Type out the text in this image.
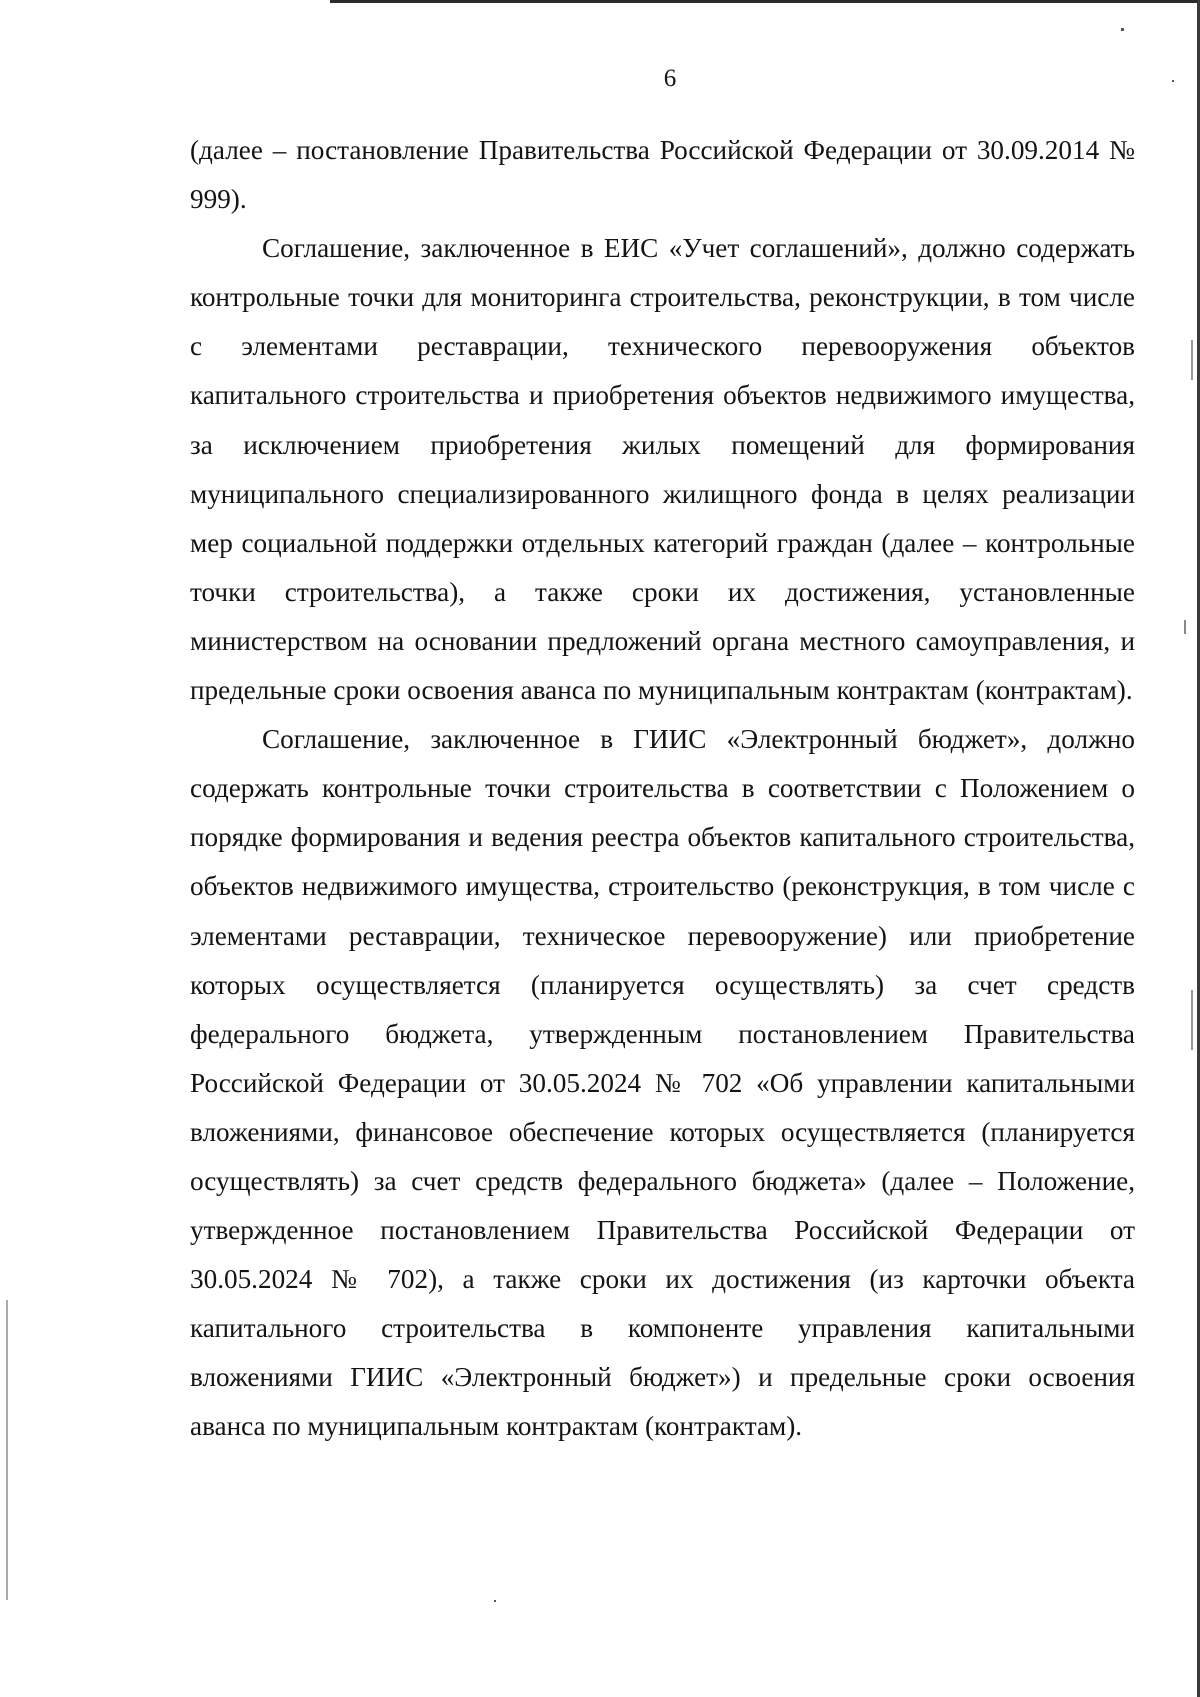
6

(далее – постановление Правительства Российской Федерации от 30.09.2014 № 999).

Соглашение, заключенное в ЕИС «Учет соглашений», должно содержать контрольные точки для мониторинга строительства, реконструкции, в том числе с элементами реставрации, технического перевооружения объектов капитального строительства и приобретения объектов недвижимого имущества, за исключением приобретения жилых помещений для формирования муниципального специализированного жилищного фонда в целях реализации мер социальной поддержки отдельных категорий граждан (далее – контрольные точки строительства), а также сроки их достижения, установленные министерством на основании предложений органа местного самоуправления, и предельные сроки освоения аванса по муниципальным контрактам (контрактам).

Соглашение, заключенное в ГИИС «Электронный бюджет», должно содержать контрольные точки строительства в соответствии с Положением о порядке формирования и ведения реестра объектов капитального строительства, объектов недвижимого имущества, строительство (реконструкция, в том числе с элементами реставрации, техническое перевооружение) или приобретение которых осуществляется (планируется осуществлять) за счет средств федерального бюджета, утвержденным постановлением Правительства Российской Федерации от 30.05.2024 № 702 «Об управлении капитальными вложениями, финансовое обеспечение которых осуществляется (планируется осуществлять) за счет средств федерального бюджета» (далее – Положение, утвержденное постановлением Правительства Российской Федерации от 30.05.2024 № 702), а также сроки их достижения (из карточки объекта капитального строительства в компоненте управления капитальными вложениями ГИИС «Электронный бюджет») и предельные сроки освоения аванса по муниципальным контрактам (контрактам).
